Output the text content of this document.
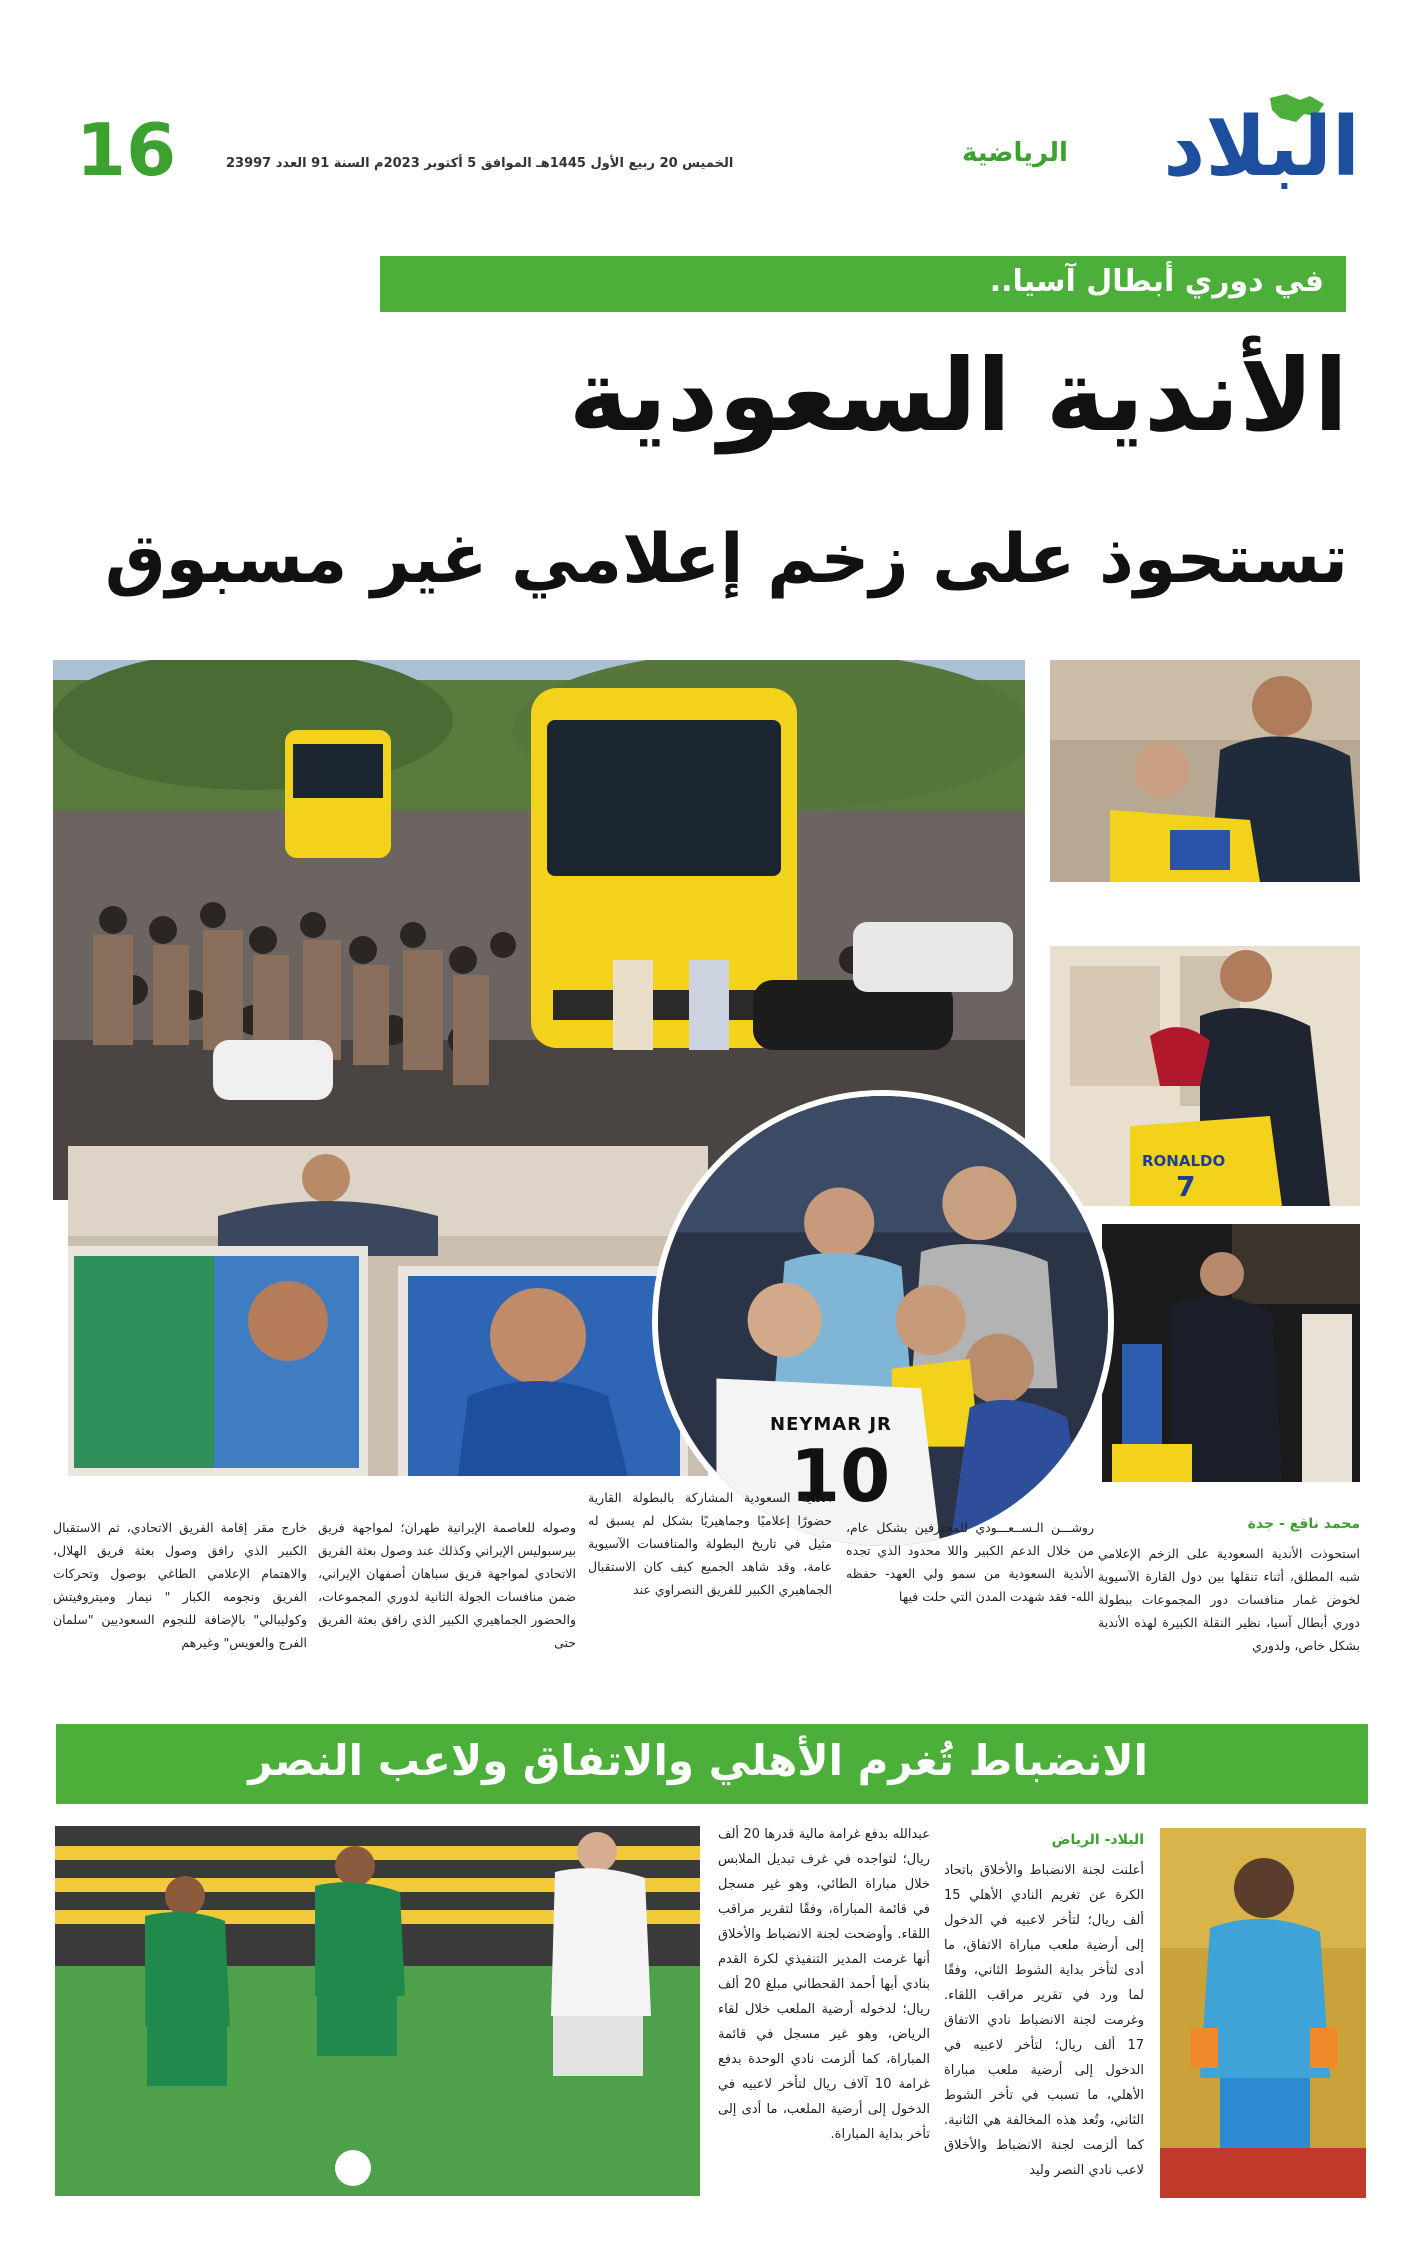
16	الخميس 20 ربيع الأول 1445هـ الموافق 5 أكتوبر 2023م السنة 91 العدد 23997	الرياضية البلاد
في دوري أبطال آسيا..
الأندية السعودية
تستحوذ على زخم إعلامي غير مسبوق
RONALDO
7
NEYMAR JR
10
محمد نافع - جدة

استحوذت الأندية السعودية على الزخم الإعلامي شبه المطلق، أثناء تنقلها بين دول القارة الآسيوية لخوض غمار منافسات دور المجموعات ببطولة دوري أبطال آسيا، نظير النقلة الكبيرة لهذه الأندية بشكل خاص، ولدوري

روشـــن الـســعـــودي للمحترفين بشكل عام، من خلال الدعم الكبير واللا محدود الذي تجده الأندية السعودية من سمو ولي العهد- حفظه الله- فقد شهدت المدن التي حلت فيها

الأندية السعودية المشاركة بالبطولة القارية حضورًا إعلاميًا وجماهيريًا بشكل لم يسبق له مثيل في تاريخ البطولة والمنافسات الآسيوية عامة، وقد شاهد الجميع كيف كان الاستقبال الجماهيري الكبير للفريق النصراوي عند

وصوله للعاصمة الإيرانية طهران؛ لمواجهة فريق بيرسبوليس الإيراني وكذلك عند وصول بعثة الفريق الاتحادي لمواجهة فريق سباهان أصفهان الإيراني، ضمن منافسات الجولة الثانية لدوري المجموعات، والحضور الجماهيري الكبير الذي رافق بعثة الفريق حتى

خارج مقر إقامة الفريق الاتحادي، ثم الاستقبال الكبير الذي رافق وصول بعثة فريق الهلال، والاهتمام الإعلامي الطاغي بوصول وتحركات الفريق ونجومه الكبار " نيمار وميتروفيتش وكوليبالي" بالإضافة للنجوم السعوديين "سلمان الفرج والعويس" وغيرهم

الانضباط تُغرم الأهلي والاتفاق ولاعب النصر
البلاد- الرياض

أعلنت لجنة الانضباط والأخلاق باتحاد الكرة عن تغريم النادي الأهلي 15 ألف ريال؛ لتأخر لاعبيه في الدخول إلى أرضية ملعب مباراة الاتفاق، ما أدى لتأخر بداية الشوط الثاني، وفقًا لما ورد في تقرير مراقب اللقاء. وغرمت لجنة الانضباط نادي الاتفاق 17 ألف ريال؛ لتأخر لاعبيه في الدخول إلى أرضية ملعب مباراة الأهلي، ما تسبب في تأخر الشوط الثاني، وتُعد هذه المخالفة هي الثانية. كما ألزمت لجنة الانضباط والأخلاق لاعب نادي النصر وليد

عبدالله بدفع غرامة مالية قدرها 20 ألف ريال؛ لتواجده في غرف تبديل الملابس خلال مباراة الطائي، وهو غير مسجل في قائمة المباراة، وفقًا لتقرير مراقب اللقاء. وأوضحت لجنة الانضباط والأخلاق أنها غرمت المدير التنفيذي لكرة القدم بنادي أبها أحمد القحطاني مبلغ 20 ألف ريال؛ لدخوله أرضية الملعب خلال لقاء الرياض، وهو غير مسجل في قائمة المباراة، كما ألزمت نادي الوحدة بدفع غرامة 10 آلاف ريال لتأخر لاعبيه في الدخول إلى أرضية الملعب، ما أدى إلى تأخر بداية المباراة.
